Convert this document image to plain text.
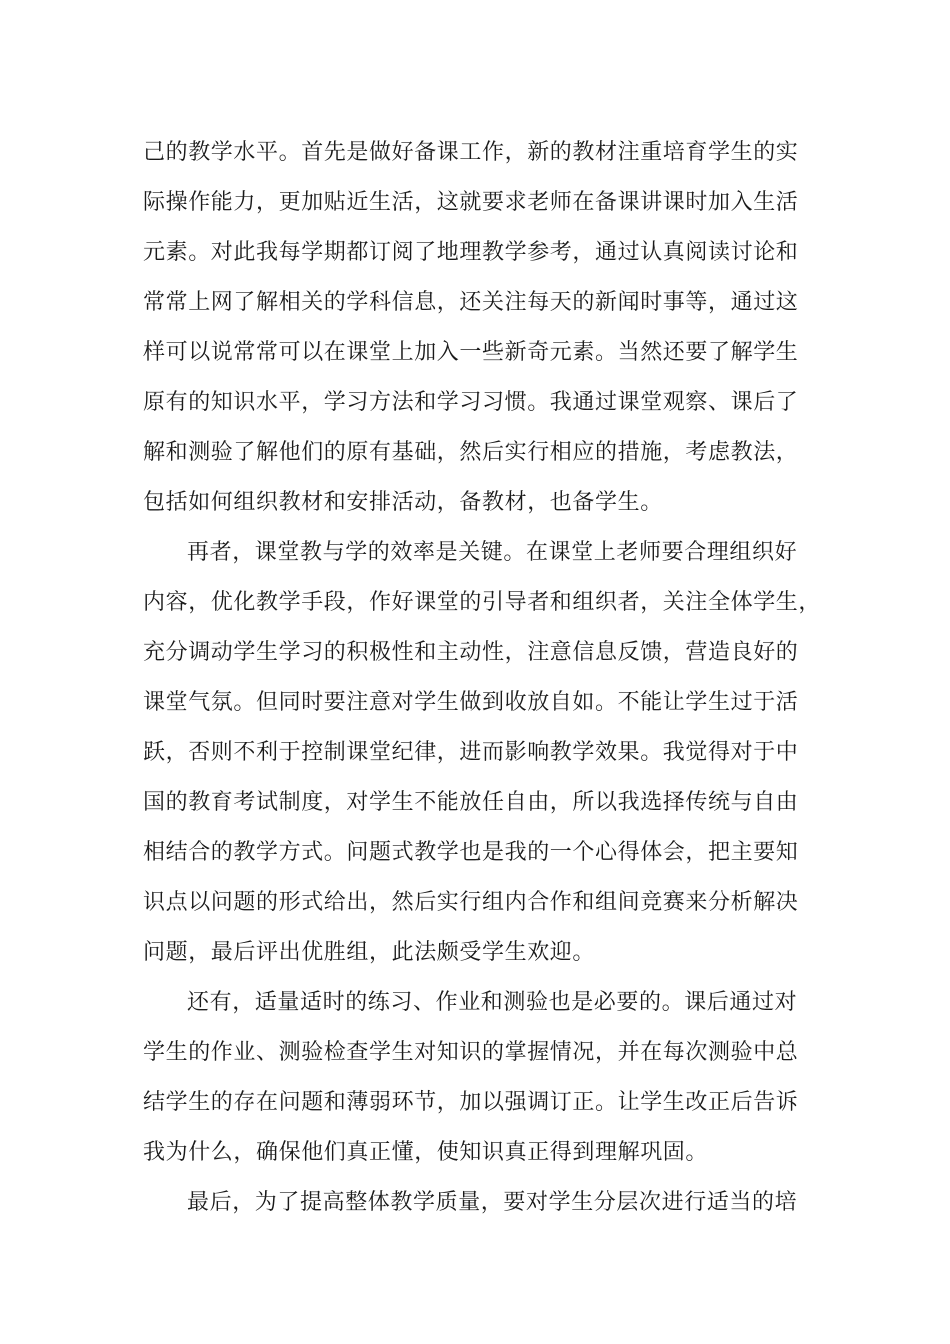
己的教学水平。首先是做好备课工作，新的教材注重培育学生的实
际操作能力，更加贴近生活，这就要求老师在备课讲课时加入生活
元素。对此我每学期都订阅了地理教学参考，通过认真阅读讨论和
常常上网了解相关的学科信息，还关注每天的新闻时事等，通过这
样可以说常常可以在课堂上加入一些新奇元素。当然还要了解学生
原有的知识水平，学习方法和学习习惯。我通过课堂观察、课后了
解和测验了解他们的原有基础，然后实行相应的措施，考虑教法，
包括如何组织教材和安排活动，备教材，也备学生。
再者，课堂教与学的效率是关键。在课堂上老师要合理组织好
内容，优化教学手段，作好课堂的引导者和组织者，关注全体学生，
充分调动学生学习的积极性和主动性，注意信息反馈，营造良好的
课堂气氛。但同时要注意对学生做到收放自如。不能让学生过于活
跃，否则不利于控制课堂纪律，进而影响教学效果。我觉得对于中
国的教育考试制度，对学生不能放任自由，所以我选择传统与自由
相结合的教学方式。问题式教学也是我的一个心得体会，把主要知
识点以问题的形式给出，然后实行组内合作和组间竞赛来分析解决
问题，最后评出优胜组，此法颇受学生欢迎。
还有，适量适时的练习、作业和测验也是必要的。课后通过对
学生的作业、测验检查学生对知识的掌握情况，并在每次测验中总
结学生的存在问题和薄弱环节，加以强调订正。让学生改正后告诉
我为什么，确保他们真正懂，使知识真正得到理解巩固。
最后，为了提高整体教学质量，要对学生分层次进行适当的培
